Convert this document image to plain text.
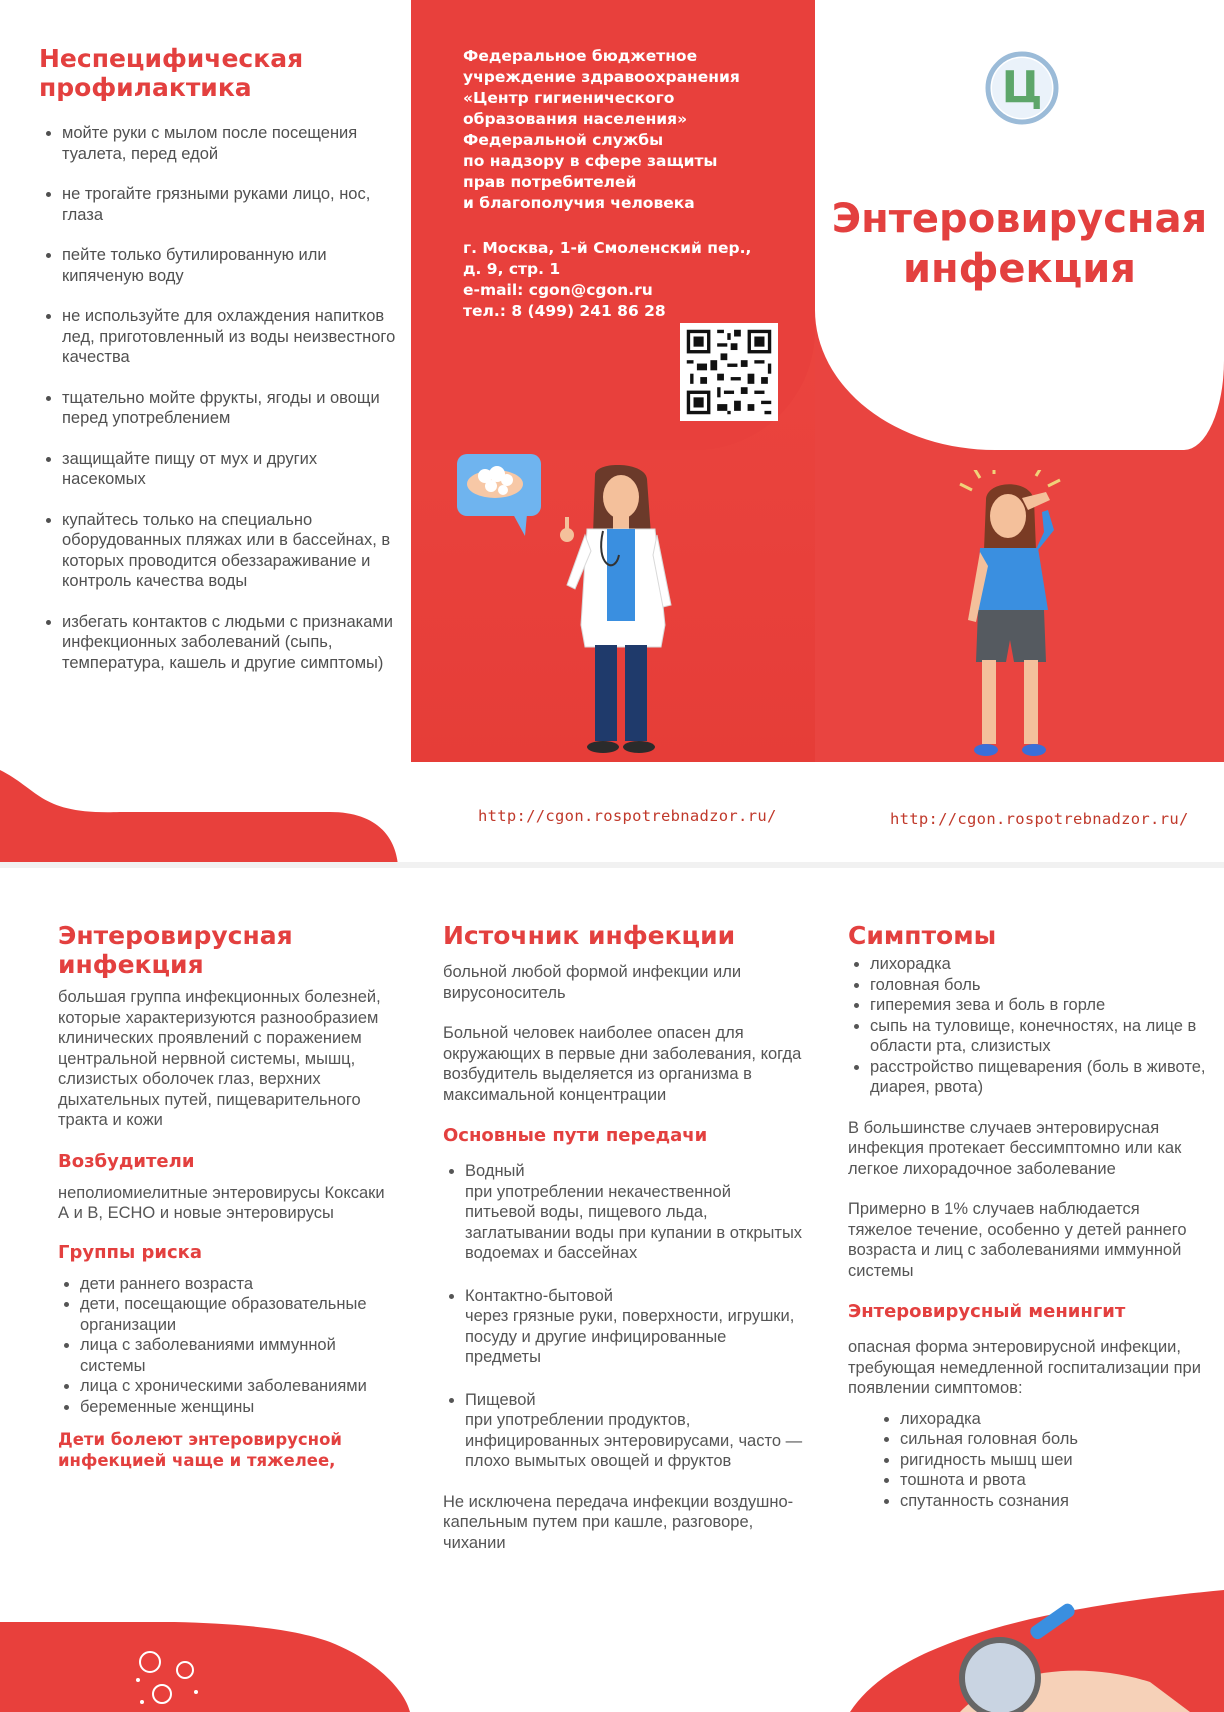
Неспецифическая профилактика
• мойте руки с мылом после посещения туалета, перед едой
• не трогайте грязными руками лицо, нос, глаза
• пейте только бутилированную или кипяченую воду
• не используйте для охлаждения напитков лед, приготовленный из воды неизвестного качества
• тщательно мойте фрукты, ягоды и овощи перед употреблением
• защищайте пищу от мух и других насекомых
• купайтесь только на специально оборудованных пляжах или в бассейнах, в которых проводится обеззараживание и контроль качества воды
• избегать контактов с людьми с признаками инфекционных заболеваний (сыпь, температура, кашель и другие симптомы)
Федеральное бюджетное
учреждение здравоохранения
«Центр гигиенического
образования населения»
Федеральной службы
по надзору в сфере защиты
прав потребителей
и благополучия человека
г. Москва, 1-й Смоленский пер.,
д. 9, стр. 1
e-mail: cgon@cgon.ru
тел.: 8 (499) 241 86 28
Ц
Энтеровирусная
инфекция
http://cgon.rospotrebnadzor.ru/	http://cgon.rospotrebnadzor.ru/
Энтеровирусная инфекция

большая группа инфекционных болезней, которые характеризуются разнообразием клинических проявлений с поражением центральной нервной системы, мышц, слизистых оболочек глаз, верхних дыхательных путей, пищеварительного тракта и кожи

Возбудители

неполиомиелитные энтеровирусы Коксаки А и В, ЕСНО и новые энтеровирусы

Группы риска
• дети раннего возраста
• дети, посещающие образовательные организации
• лица с заболеваниями иммунной системы
• лица с хроническими заболеваниями
• беременные женщины
Дети болеют энтеровирусной инфекцией чаще и тяжелее,
Источник инфекции

больной любой формой инфекции или вирусоноситель

Больной человек наиболее опасен для окружающих в первые дни заболевания, когда возбудитель выделяется из организма в максимальной концентрации

Основные пути передачи
• Водный
при употреблении некачественной питьевой воды, пищевого льда, заглатывании воды при купании в открытых водоемах и бассейнах
• Контактно-бытовой
через грязные руки, поверхности, игрушки, посуду и другие инфицированные предметы
• Пищевой
при употреблении продуктов, инфицированных энтеровирусами, часто — плохо вымытых овощей и фруктов

Не исключена передача инфекции воздушно-капельным путем при кашле, разговоре, чихании

Симптомы
• лихорадка
• головная боль
• гиперемия зева и боль в горле
• сыпь на туловище, конечностях, на лице в области рта, слизистых
• расстройство пищеварения (боль в животе, диарея, рвота)

В большинстве случаев энтеровирусная инфекция протекает бессимптомно или как легкое лихорадочное заболевание

Примерно в 1% случаев наблюдается тяжелое течение, особенно у детей раннего возраста и лиц с заболеваниями иммунной системы

Энтеровирусный менингит

опасная форма энтеровирусной инфекции, требующая немедленной госпитализации при появлении симптомов:

• лихорадка
• сильная головная боль
• ригидность мышц шеи
• тошнота и рвота
• спутанность сознания
